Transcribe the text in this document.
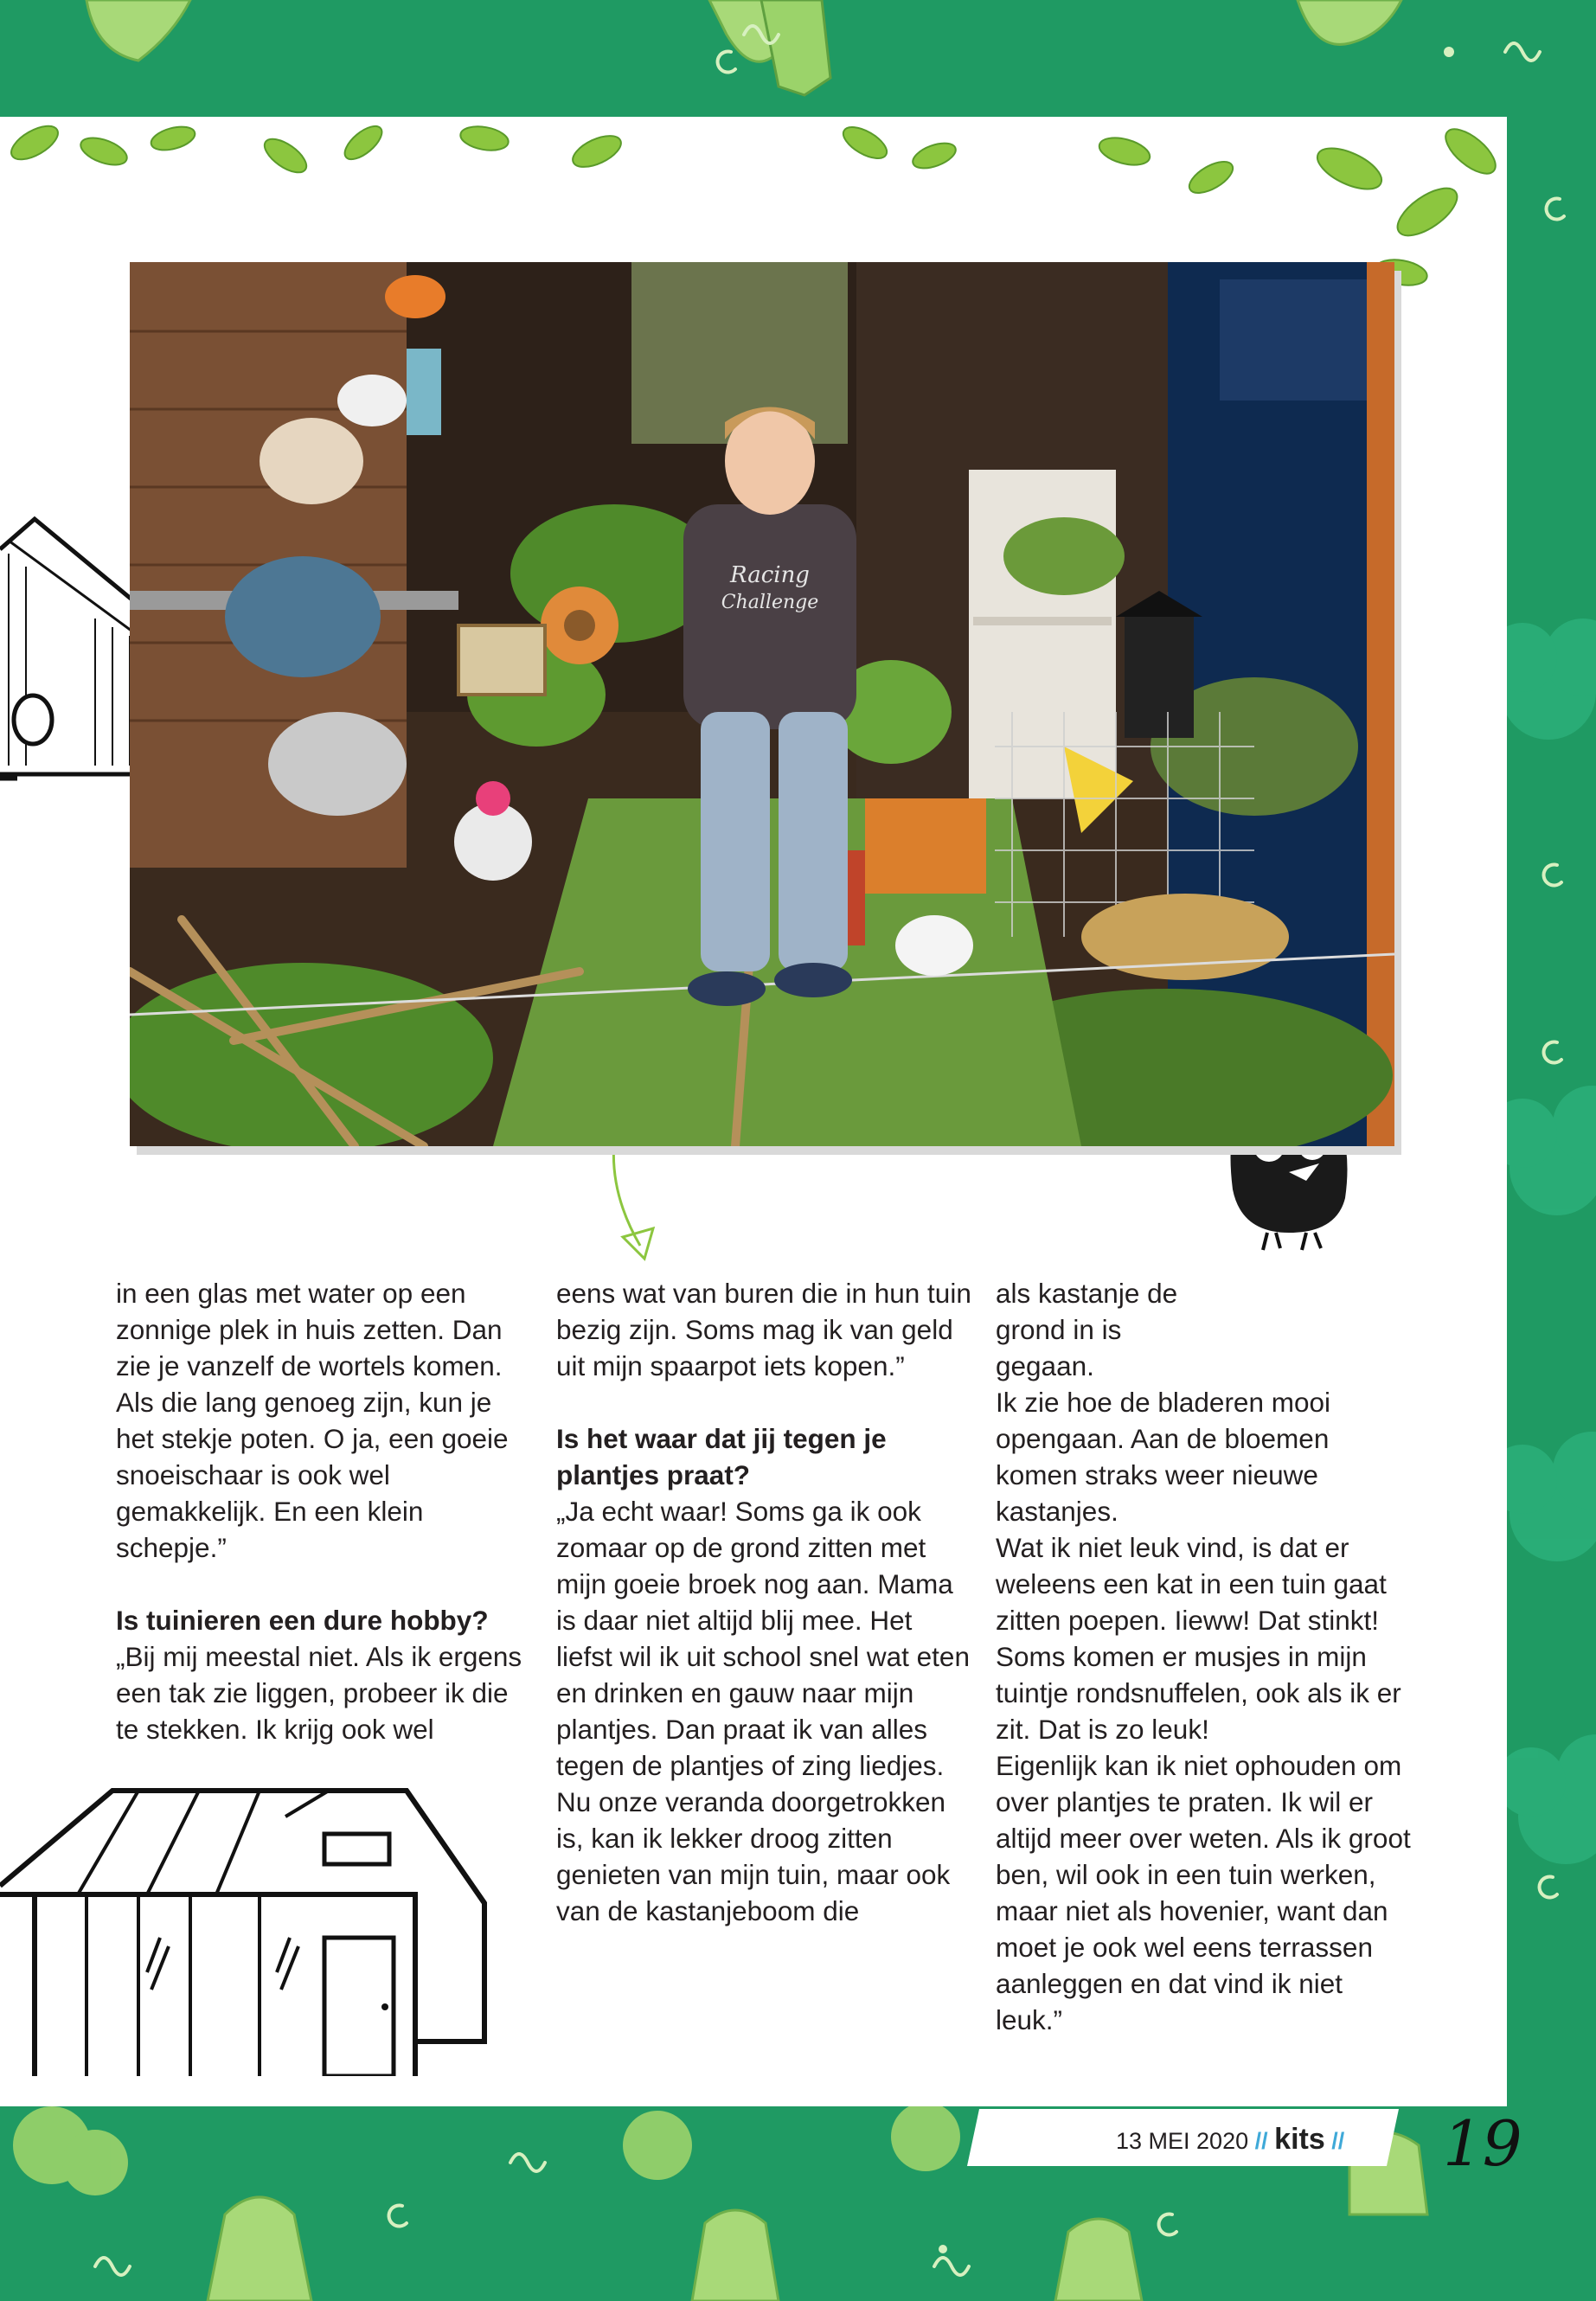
Racing
Challenge

in een glas met water op een zonnige plek in huis zetten. Dan zie je vanzelf de wortels komen. Als die lang genoeg zijn, kun je het stekje poten. O ja, een goeie snoeischaar is ook wel gemakkelijk. En een klein schepje.”

Is tuinieren een dure hobby?

„Bij mij meestal niet. Als ik ergens een tak zie liggen, probeer ik die te stekken. Ik krijg ook wel

eens wat van buren die in hun tuin bezig zijn. Soms mag ik van geld uit mijn spaarpot iets kopen.”

Is het waar dat jij tegen je plantjes praat?

„Ja echt waar! Soms ga ik ook zomaar op de grond zitten met mijn goeie broek nog aan. Mama is daar niet altijd blij mee. Het liefst wil ik uit school snel wat eten en drinken en gauw naar mijn plantjes. Dan praat ik van alles tegen de plantjes of zing liedjes.

Nu onze veranda doorgetrokken is, kan ik lekker droog zitten genieten van mijn tuin, maar ook van de kastanjeboom die

als kastanje de grond in is gegaan.

Ik zie hoe de bladeren mooi opengaan. Aan de bloemen komen straks weer nieuwe kastanjes.

Wat ik niet leuk vind, is dat er weleens een kat in een tuin gaat zitten poepen. Iieww! Dat stinkt! Soms komen er musjes in mijn tuintje rondsnuffelen, ook als ik er zit. Dat is zo leuk!

Eigenlijk kan ik niet ophouden om over plantjes te praten. Ik wil er altijd meer over weten. Als ik groot ben, wil ook in een tuin werken, maar niet als hovenier, want dan moet je ook wel eens terrassen aanleggen en dat vind ik niet leuk.”

13 MEI 2020 // kits //	19
